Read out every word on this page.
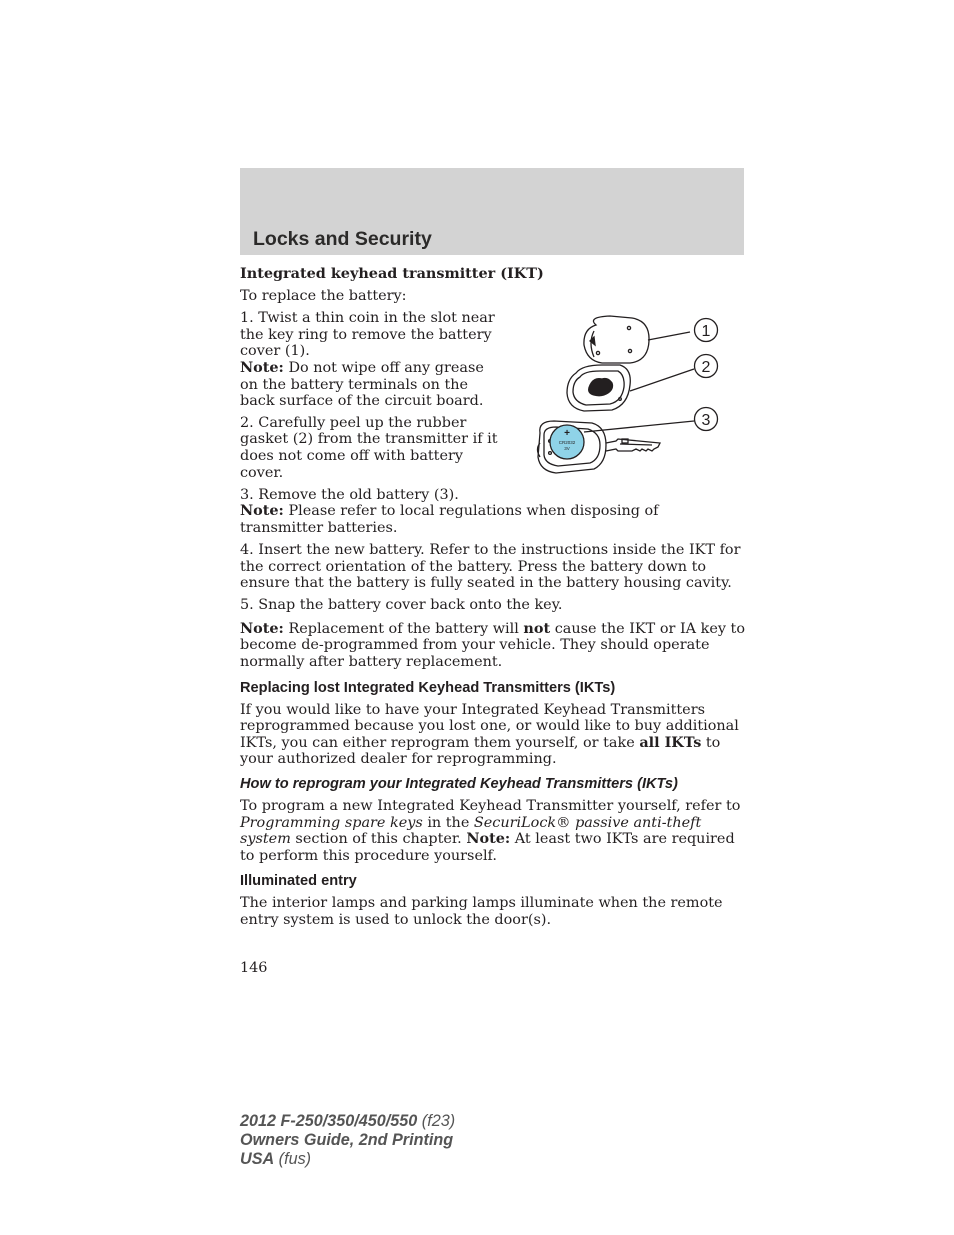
Locks and Security

Integrated keyhead transmitter (IKT)

To replace the battery:

1. Twist a thin coin in the slot near the key ring to remove the battery cover (1).
Note: Do not wipe off any grease on the battery terminals on the back surface of the circuit board.

2. Carefully peel up the rubber gasket (2) from the transmitter if it does not come off with battery cover.

3. Remove the old battery (3).
Note: Please refer to local regulations when disposing of transmitter batteries.

4. Insert the new battery. Refer to the instructions inside the IKT for the correct orientation of the battery. Press the battery down to ensure that the battery is fully seated in the battery housing cavity.

5. Snap the battery cover back onto the key.

Note: Replacement of the battery will not cause the IKT or IA key to become de-programmed from your vehicle. They should operate normally after battery replacement.

Replacing lost Integrated Keyhead Transmitters (IKTs)

If you would like to have your Integrated Keyhead Transmitters reprogrammed because you lost one, or would like to buy additional IKTs, you can either reprogram them yourself, or take all IKTs to your authorized dealer for reprogramming.

How to reprogram your Integrated Keyhead Transmitters (IKTs)

To program a new Integrated Keyhead Transmitter yourself, refer to Programming spare keys in the SecuriLock® passive anti-theft system section of this chapter. Note: At least two IKTs are required to perform this procedure yourself.

Illuminated entry

The interior lamps and parking lamps illuminate when the remote entry system is used to unlock the door(s).

+
CR2032
3V
1
2
3
146
2012 F-250/350/450/550 (f23)
Owners Guide, 2nd Printing
USA (fus)
